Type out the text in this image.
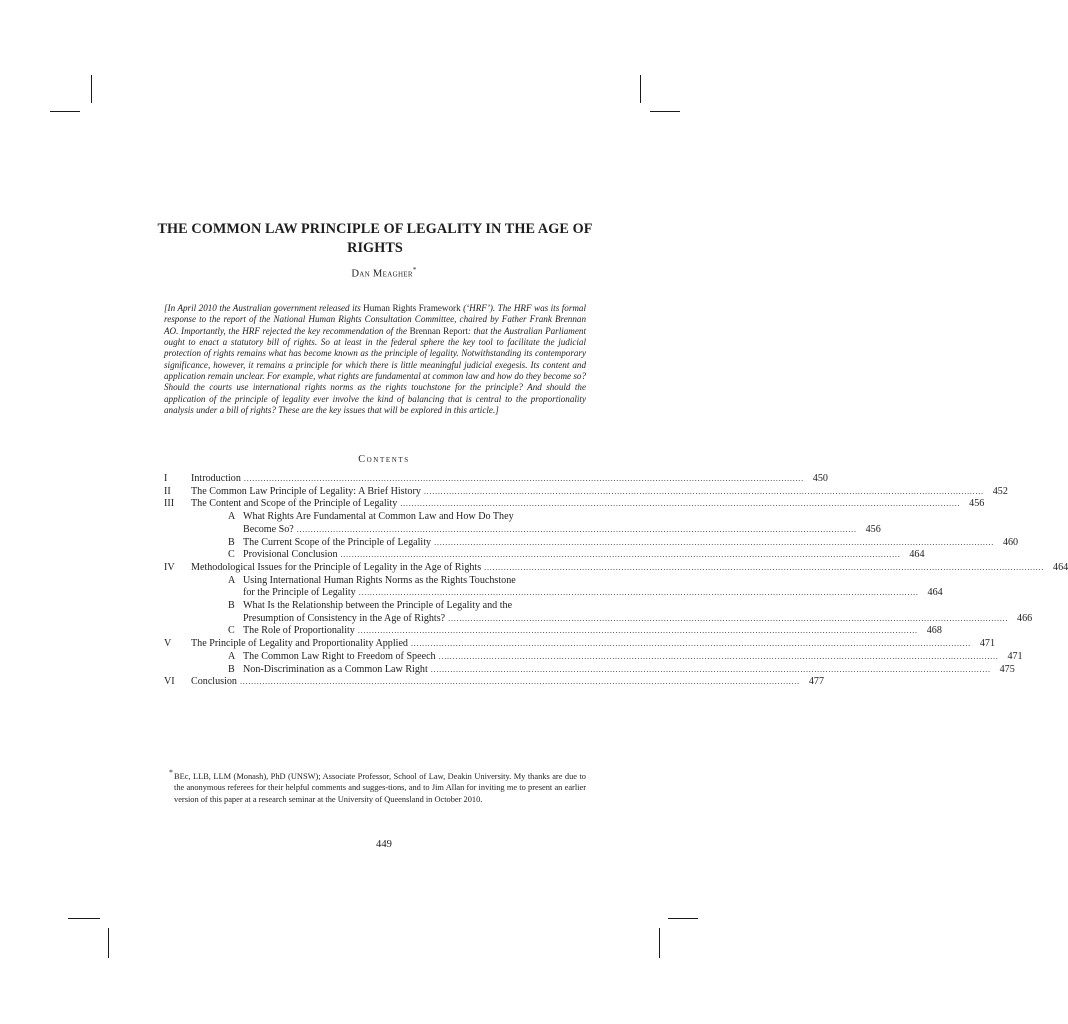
THE COMMON LAW PRINCIPLE OF LEGALITY IN THE AGE OF RIGHTS
Dan Meagher*

[In April 2010 the Australian government released its Human Rights Framework (‘HRF’). The HRF was its formal response to the report of the National Human Rights Consultation Committee, chaired by Father Frank Brennan AO. Importantly, the HRF rejected the key recommendation of the Brennan Report: that the Australian Parliament ought to enact a statutory bill of rights. So at least in the federal sphere the key tool to facilitate the judicial protection of rights remains what has become known as the principle of legality. Notwithstanding its contemporary significance, however, it remains a principle for which there is little meaningful judicial exegesis. Its content and application remain unclear. For example, what rights are fundamental at common law and how do they become so? Should the courts use international rights norms as the rights touchstone for the principle? And should the application of the principle of legality ever involve the kind of balancing that is central to the proportionality analysis under a bill of rights? These are the key issues that will be explored in this article.]

Contents
I	Introduction ........................................................................................................................................................................................................ 450
II	The Common Law Principle of Legality: A Brief History ........................................................................................................................................................................................................ 452
III	The Content and Scope of the Principle of Legality ........................................................................................................................................................................................................ 456
A What Rights Are Fundamental at Common Law and How Do They
Become So? ........................................................................................................................................................................................................ 456
B The Current Scope of the Principle of Legality ........................................................................................................................................................................................................ 460
C Provisional Conclusion ........................................................................................................................................................................................................ 464
IV	Methodological Issues for the Principle of Legality in the Age of Rights ........................................................................................................................................................................................................ 464
A Using International Human Rights Norms as the Rights Touchstone
for the Principle of Legality ........................................................................................................................................................................................................ 464
B What Is the Relationship between the Principle of Legality and the
Presumption of Consistency in the Age of Rights? ........................................................................................................................................................................................................ 466
C The Role of Proportionality ........................................................................................................................................................................................................ 468
V	The Principle of Legality and Proportionality Applied ........................................................................................................................................................................................................ 471
A The Common Law Right to Freedom of Speech ........................................................................................................................................................................................................ 471
B Non-Discrimination as a Common Law Right ........................................................................................................................................................................................................ 475
VI	Conclusion ........................................................................................................................................................................................................ 477
* BEc, LLB, LLM (Monash), PhD (UNSW); Associate Professor, School of Law, Deakin University. My thanks are due to the anonymous referees for their helpful comments and sugges-tions, and to Jim Allan for inviting me to present an earlier version of this paper at a research seminar at the University of Queensland in October 2010.

449
